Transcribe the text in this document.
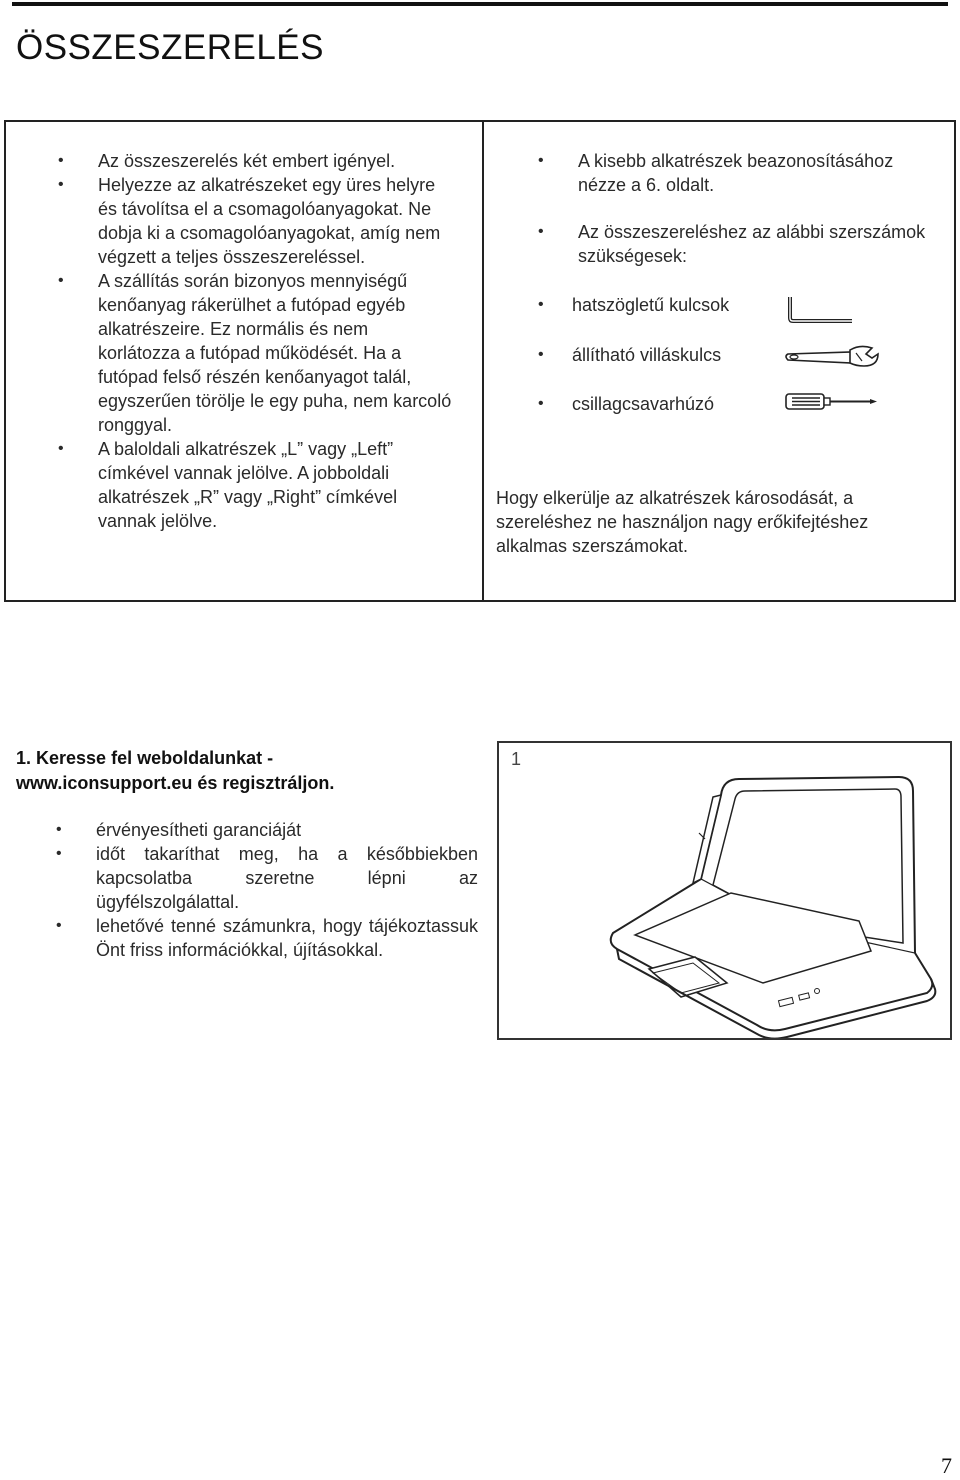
ÖSSZESZERELÉS
•	Az összeszerelés két embert igényel.
•	Helyezze az alkatrészeket egy üres helyre és távolítsa el a csomagolóanyagokat. Ne dobja ki a csomagolóanyagokat, amíg nem végzett a teljes összeszereléssel.
•	A szállítás során bizonyos mennyiségű kenőanyag rákerülhet a futópad egyéb alkatrészeire. Ez normális és nem korlátozza a futópad működését. Ha a futópad felső részén kenőanyagot talál, egyszerűen törölje le egy puha, nem karcoló ronggyal.
•	A baloldali alkatrészek „L” vagy „Left” címkével vannak jelölve. A jobboldali alkatrészek „R” vagy „Right” címkével vannak jelölve.
•	A kisebb alkatrészek beazonosításához nézze a 6. oldalt.
•	Az összeszereléshez az alábbi szerszámok szükségesek:
• hatszögletű kulcsok
• állítható villáskulcs
• csillagcsavarhúzó

Hogy elkerülje az alkatrészek károsodását, a szereléshez ne használjon nagy erőkifejtéshez alkalmas szerszámokat.

1. Keresse fel weboldalunkat -
www.iconsupport.eu és regisztráljon.
•	érvényesítheti garanciáját
•	időt takaríthat meg, ha a későbbiekben kapcsolatba szeretne lépni az ügyfélszolgálattal.
•	lehetővé tenné számunkra, hogy tájékoztassuk Önt friss információkkal, újításokkal.
1
7
